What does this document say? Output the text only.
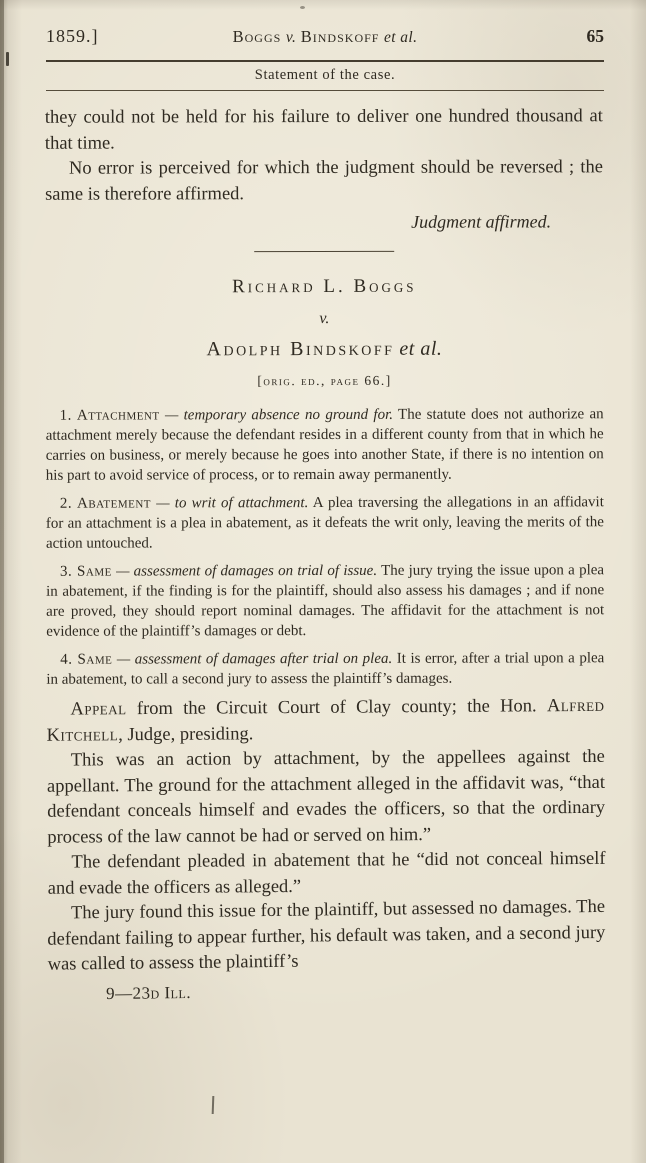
1859.]	Boggs v. Bindskoff et al.	65
Statement of the case.

they could not be held for his failure to deliver one hundred thousand at that time.

No error is perceived for which the judgment should be reversed ; the same is therefore affirmed.

Judgment affirmed.

Richard L. Boggs
v.
Adolph Bindskoff et al.
[orig. ed., page 66.]

1. Attachment — temporary absence no ground for. The statute does not authorize an attachment merely because the defendant resides in a different county from that in which he carries on business, or merely because he goes into another State, if there is no intention on his part to avoid service of process, or to remain away permanently.

2. Abatement — to writ of attachment. A plea traversing the allegations in an affidavit for an attachment is a plea in abatement, as it defeats the writ only, leaving the merits of the action untouched.

3. Same — assessment of damages on trial of issue. The jury trying the issue upon a plea in abatement, if the finding is for the plaintiff, should also assess his damages ; and if none are proved, they should report nominal damages. The affidavit for the attachment is not evidence of the plaintiff’s damages or debt.

4. Same — assessment of damages after trial on plea. It is error, after a trial upon a plea in abatement, to call a second jury to assess the plaintiff’s damages.

Appeal from the Circuit Court of Clay county; the Hon. Alfred Kitchell, Judge, presiding.

This was an action by attachment, by the appellees against the appellant. The ground for the attachment alleged in the affidavit was, “that defendant conceals himself and evades the officers, so that the ordinary process of the law cannot be had or served on him.”

The defendant pleaded in abatement that he “did not conceal himself and evade the officers as alleged.”

The jury found this issue for the plaintiff, but assessed no damages. The defendant failing to appear further, his default was taken, and a second jury was called to assess the plaintiff’s

9—23d Ill.
